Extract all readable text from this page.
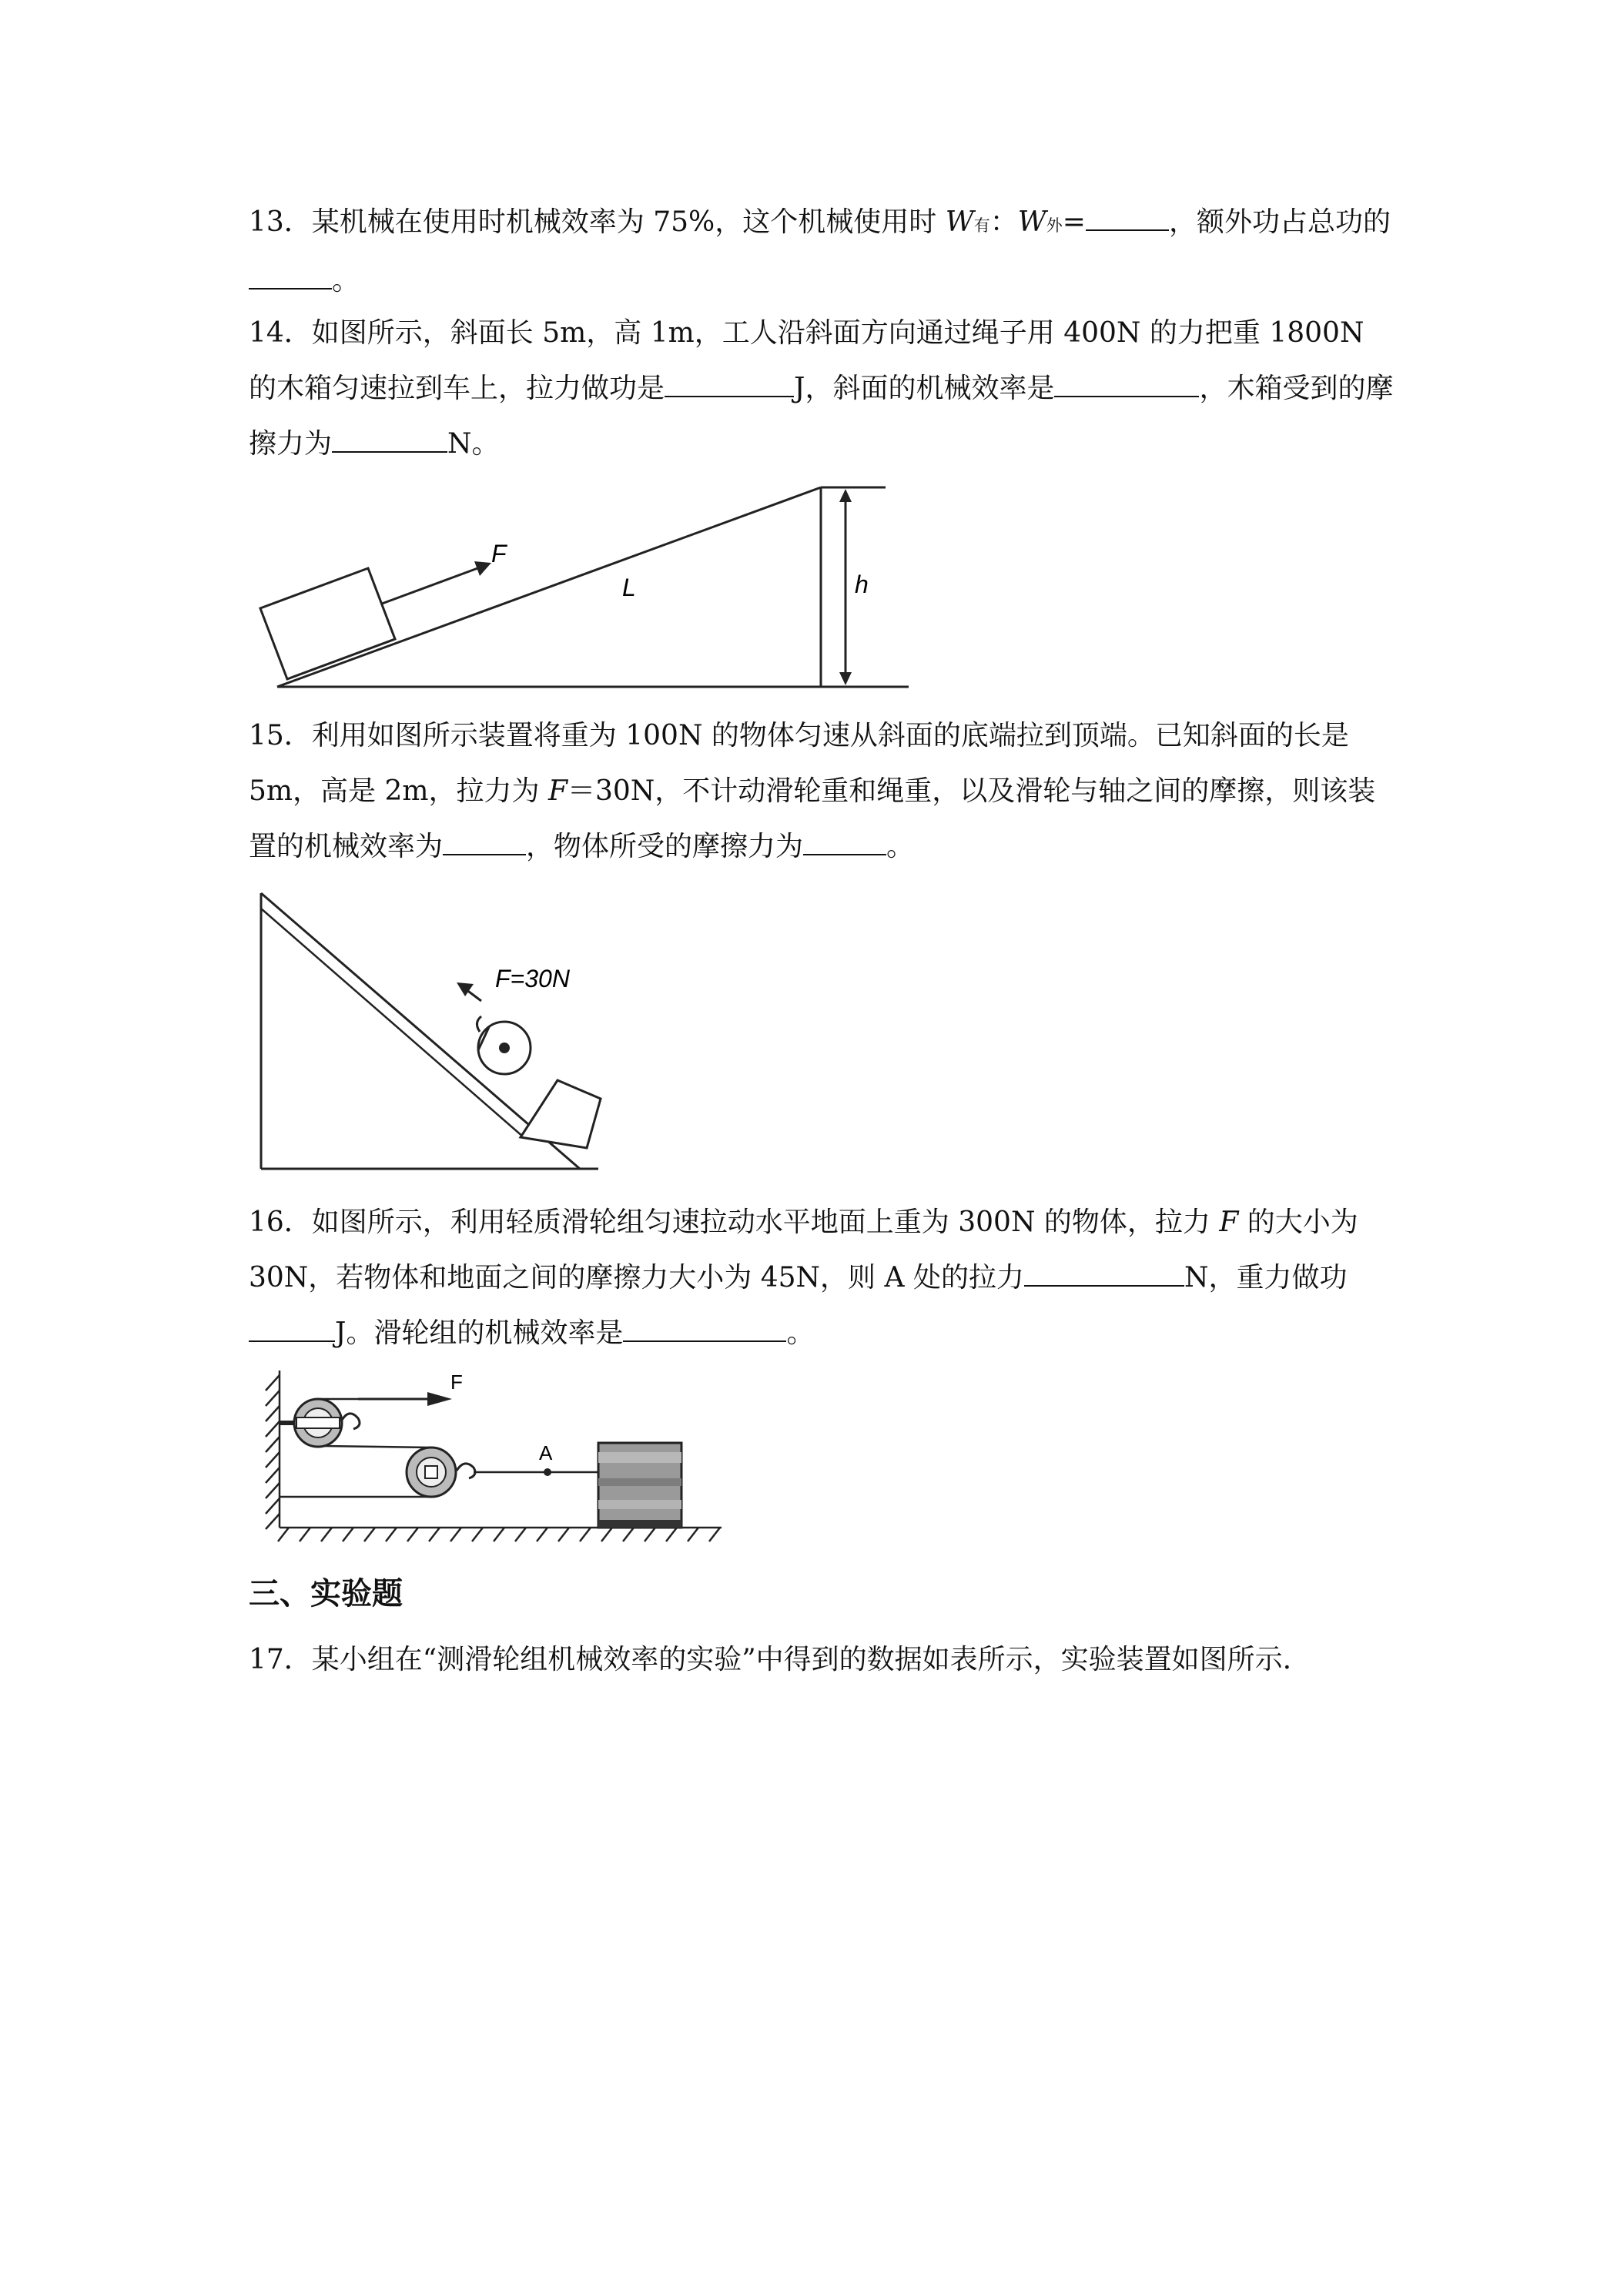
13．某机械在使用时机械效率为 75%，这个机械使用时 W有：W外=	，额外功占总功的。

14．如图所示，斜面长 5m，高 1m，工人沿斜面方向通过绳子用 400N 的力把重 1800N 的木箱匀速拉到车上，拉力做功是	J，斜面的机械效率是	，木箱受到的摩擦力为	N。

h
L
F

15．利用如图所示装置将重为 100N 的物体匀速从斜面的底端拉到顶端。已知斜面的长是 5m，高是 2m，拉力为 F＝30N，不计动滑轮重和绳重，以及滑轮与轴之间的摩擦，则该装置的机械效率为	，物体所受的摩擦力为	。

F=30N

16．如图所示，利用轻质滑轮组匀速拉动水平地面上重为 300N 的物体，拉力 F 的大小为 30N，若物体和地面之间的摩擦力大小为 45N，则 A 处的拉力	N，重力做功
J。滑轮组的机械效率是	。

F
A

三、实验题

17．某小组在“测滑轮组机械效率的实验”中得到的数据如表所示，实验装置如图所示.
